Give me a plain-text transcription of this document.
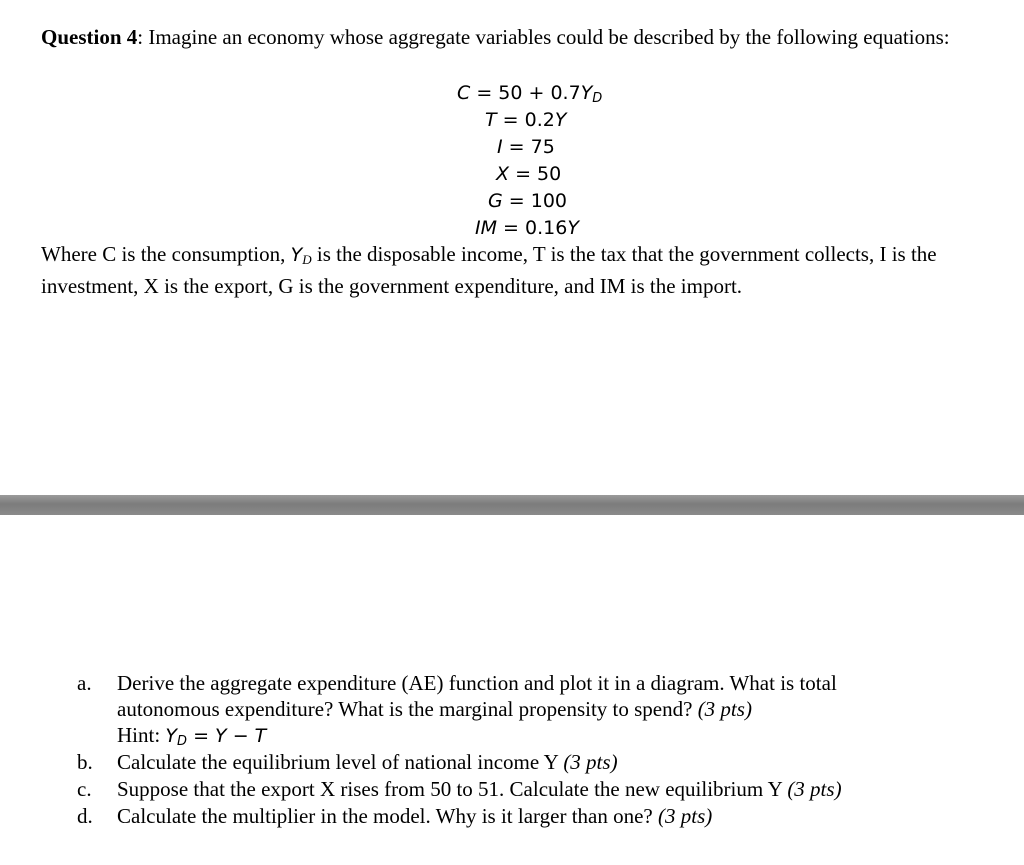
Question 4: Imagine an economy whose aggregate variables could be described by the following equations:
$C = 50 + 0.7Y_D$
T = 0.2Y
I = 75
X = 50
G = 100
IM = 0.16Y
Where C is the consumption, $Y_D$ is the disposable income, T is the tax that the government collects, I is the investment, X is the export, G is the government expenditure, and IM is the import.
a.	Derive the aggregate expenditure (AE) function and plot it in a diagram. What is total
autonomous expenditure? What is the marginal propensity to spend? (3 pts)
Hint: $Y_D = Y - T$
b.	Calculate the equilibrium level of national income Y (3 pts)
c.	Suppose that the export X rises from 50 to 51. Calculate the new equilibrium Y (3 pts)
d.	Calculate the multiplier in the model. Why is it larger than one? (3 pts)
